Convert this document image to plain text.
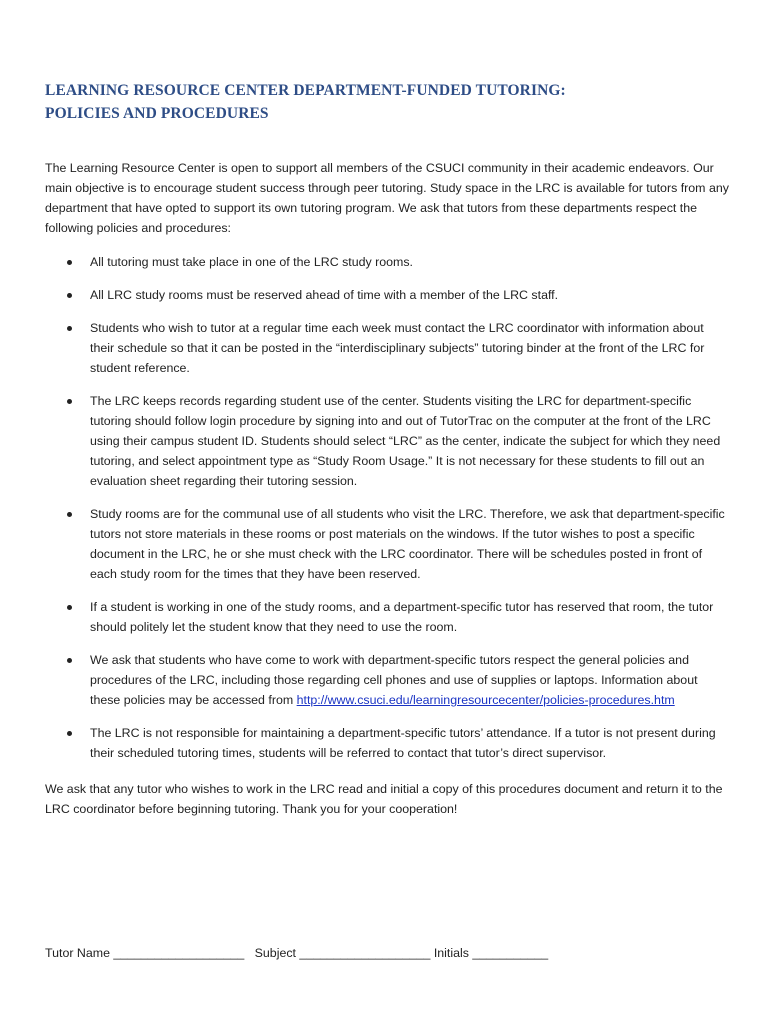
LEARNING RESOURCE CENTER DEPARTMENT-FUNDED TUTORING:
POLICIES AND PROCEDURES

The Learning Resource Center is open to support all members of the CSUCI community in their academic endeavors. Our main objective is to encourage student success through peer tutoring. Study space in the LRC is available for tutors from any department that have opted to support its own tutoring program. We ask that tutors from these departments respect the following policies and procedures:

All tutoring must take place in one of the LRC study rooms.
All LRC study rooms must be reserved ahead of time with a member of the LRC staff.
Students who wish to tutor at a regular time each week must contact the LRC coordinator with information about their schedule so that it can be posted in the “interdisciplinary subjects” tutoring binder at the front of the LRC for student reference.
The LRC keeps records regarding student use of the center. Students visiting the LRC for department-specific tutoring should follow login procedure by signing into and out of TutorTrac on the computer at the front of the LRC using their campus student ID. Students should select “LRC” as the center, indicate the subject for which they need tutoring, and select appointment type as “Study Room Usage.” It is not necessary for these students to fill out an evaluation sheet regarding their tutoring session.
Study rooms are for the communal use of all students who visit the LRC. Therefore, we ask that department-specific tutors not store materials in these rooms or post materials on the windows. If the tutor wishes to post a specific document in the LRC, he or she must check with the LRC coordinator. There will be schedules posted in front of each study room for the times that they have been reserved.
If a student is working in one of the study rooms, and a department-specific tutor has reserved that room, the tutor should politely let the student know that they need to use the room.
We ask that students who have come to work with department-specific tutors respect the general policies and procedures of the LRC, including those regarding cell phones and use of supplies or laptops. Information about these policies may be accessed from http://www.csuci.edu/learningresourcecenter/policies-procedures.htm
The LRC is not responsible for maintaining a department-specific tutors’ attendance. If a tutor is not present during their scheduled tutoring times, students will be referred to contact that tutor’s direct supervisor.

We ask that any tutor who wishes to work in the LRC read and initial a copy of this procedures document and return it to the LRC coordinator before beginning tutoring. Thank you for your cooperation!

Tutor Name ___________________ Subject ___________________ Initials ___________
